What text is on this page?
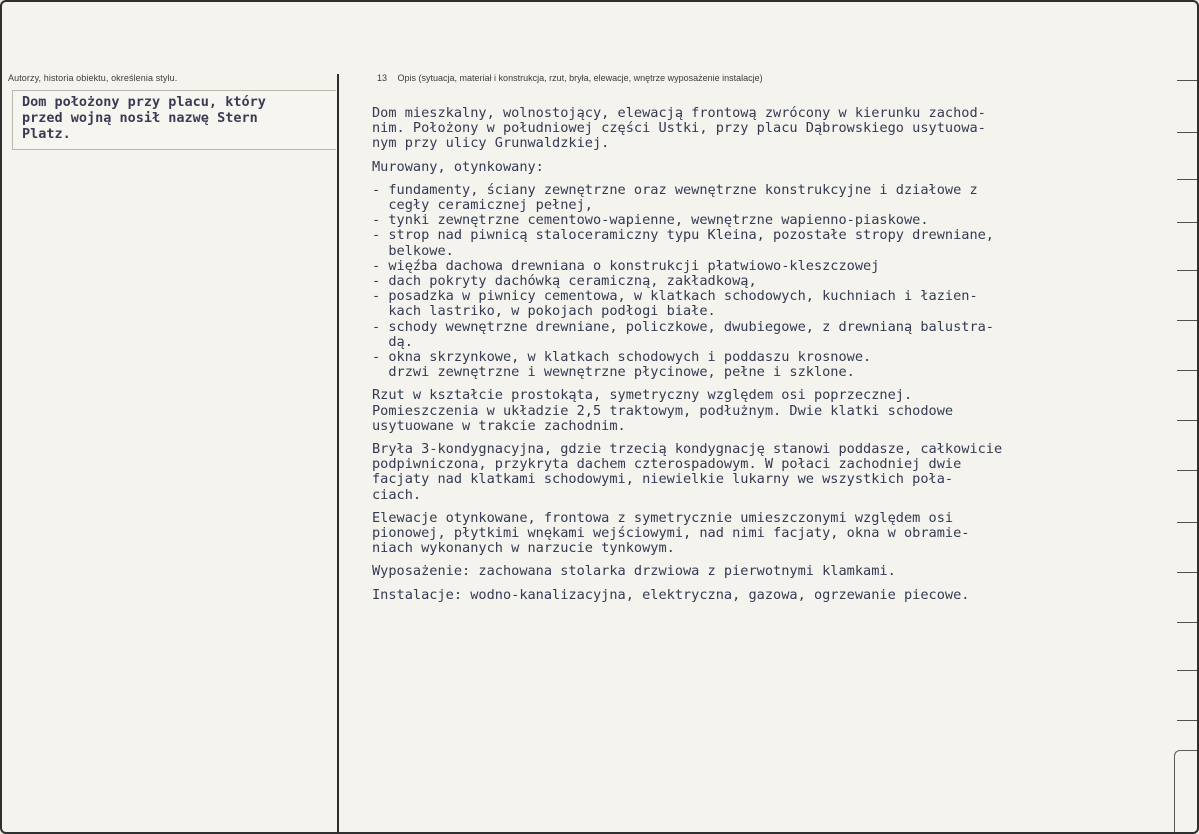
Autorzy, historia obiektu, określenia stylu.
Dom położony przy placu, który
przed wojną nosił nazwę Stern
Platz.
13 Opis (sytuacja, materiał i konstrukcja, rzut, bryła, elewacje, wnętrze wyposażenie instalacje)
Dom mieszkalny, wolnostojący, elewacją frontową zwrócony w kierunku zachod-
nim. Położony w południowej części Ustki, przy placu Dąbrowskiego usytuowa-
nym przy ulicy Grunwaldzkiej.
Murowany, otynkowany:
- fundamenty, ściany zewnętrzne oraz wewnętrzne konstrukcyjne i działowe z
cegły ceramicznej pełnej,
- tynki zewnętrzne cementowo-wapienne, wewnętrzne wapienno-piaskowe.
- strop nad piwnicą staloceramiczny typu Kleina, pozostałe stropy drewniane,
belkowe.
- więźba dachowa drewniana o konstrukcji płatwiowo-kleszczowej
- dach pokryty dachówką ceramiczną, zakładkową,
- posadzka w piwnicy cementowa, w klatkach schodowych, kuchniach i łazien-
kach lastriko, w pokojach podłogi białe.
- schody wewnętrzne drewniane, policzkowe, dwubiegowe, z drewnianą balustra-
dą.
- okna skrzynkowe, w klatkach schodowych i poddaszu krosnowe.
drzwi zewnętrzne i wewnętrzne płycinowe, pełne i szklone.
Rzut w kształcie prostokąta, symetryczny względem osi poprzecznej.
Pomieszczenia w układzie 2,5 traktowym, podłużnym. Dwie klatki schodowe
usytuowane w trakcie zachodnim.
Bryła 3-kondygnacyjna, gdzie trzecią kondygnację stanowi poddasze, całkowicie
podpiwniczona, przykryta dachem czterospadowym. W połaci zachodniej dwie
facjaty nad klatkami schodowymi, niewielkie lukarny we wszystkich poła-
ciach.
Elewacje otynkowane, frontowa z symetrycznie umieszczonymi względem osi
pionowej, płytkimi wnękami wejściowymi, nad nimi facjaty, okna w obramie-
niach wykonanych w narzucie tynkowym.
Wyposażenie: zachowana stolarka drzwiowa z pierwotnymi klamkami.
Instalacje: wodno-kanalizacyjna, elektryczna, gazowa, ogrzewanie piecowe.
